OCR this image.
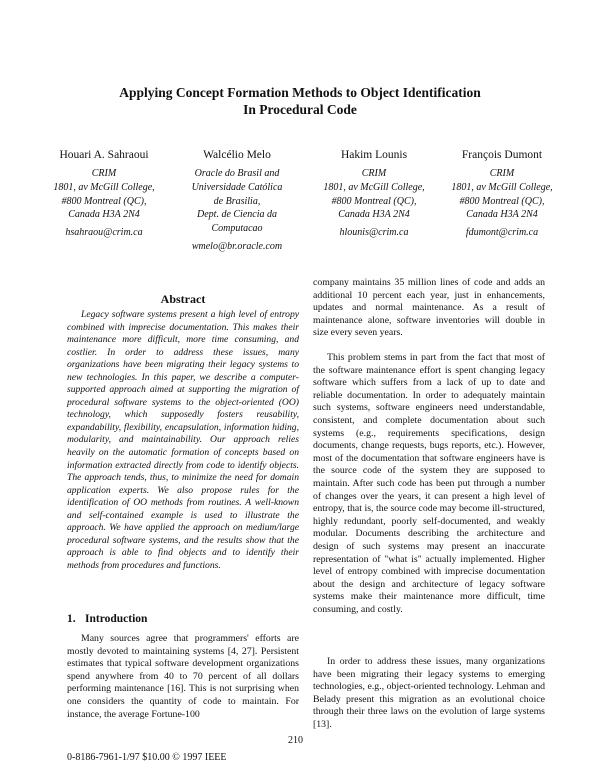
Applying Concept Formation Methods to Object Identification
In Procedural Code
Houari A. Sahraoui
CRIM
1801, av McGill College,
#800 Montreal (QC),
Canada H3A 2N4
hsahraou@crim.ca
Walcélio Melo
Oracle do Brasil and
Universidade Católica
de Brasilia,
Dept. de Ciencia da
Computacao
wmelo@br.oracle.com
Hakim Lounis
CRIM
1801, av McGill College,
#800 Montreal (QC),
Canada H3A 2N4
hlounis@crim.ca
François Dumont
CRIM
1801, av McGill College,
#800 Montreal (QC),
Canada H3A 2N4
fdumont@crim.ca
Abstract

Legacy software systems present a high level of entropy combined with imprecise documentation. This makes their maintenance more difficult, more time consuming, and costlier. In order to address these issues, many organizations have been migrating their legacy systems to new technologies. In this paper, we describe a computer-supported approach aimed at supporting the migration of procedural software systems to the object-oriented (OO) technology, which supposedly fosters reusability, expandability, flexibility, encapsulation, information hiding, modularity, and maintainability. Our approach relies heavily on the automatic formation of concepts based on information extracted directly from code to identify objects. The approach tends, thus, to minimize the need for domain application experts. We also propose rules for the identification of OO methods from routines. A well-known and self-contained example is used to illustrate the approach. We have applied the approach on medium/large procedural software systems, and the results show that the approach is able to find objects and to identify their methods from procedures and functions.

1. Introduction

Many sources agree that programmers' efforts are mostly devoted to maintaining systems [4, 27]. Persistent estimates that typical software development organizations spend anywhere from 40 to 70 percent of all dollars performing maintenance [16]. This is not surprising when one considers the quantity of code to maintain. For instance, the average Fortune-100

company maintains 35 million lines of code and adds an additional 10 percent each year, just in enhancements, updates and normal maintenance. As a result of maintenance alone, software inventories will double in size every seven years.

This problem stems in part from the fact that most of the software maintenance effort is spent changing legacy software which suffers from a lack of up to date and reliable documentation. In order to adequately maintain such systems, software engineers need understandable, consistent, and complete documentation about such systems (e.g., requirements specifications, design documents, change requests, bugs reports, etc.). However, most of the documentation that software engineers have is the source code of the system they are supposed to maintain. After such code has been put through a number of changes over the years, it can present a high level of entropy, that is, the source code may become ill-structured, highly redundant, poorly self-documented, and weakly modular. Documents describing the architecture and design of such systems may present an inaccurate representation of "what is" actually implemented. Higher level of entropy combined with imprecise documentation about the design and architecture of legacy software systems make their maintenance more difficult, time consuming, and costly.

In order to address these issues, many organizations have been migrating their legacy systems to emerging technologies, e.g., object-oriented technology. Lehman and Belady present this migration as an evolutional choice through their three laws on the evolution of large systems [13].

210
0-8186-7961-1/97 $10.00 © 1997 IEEE
